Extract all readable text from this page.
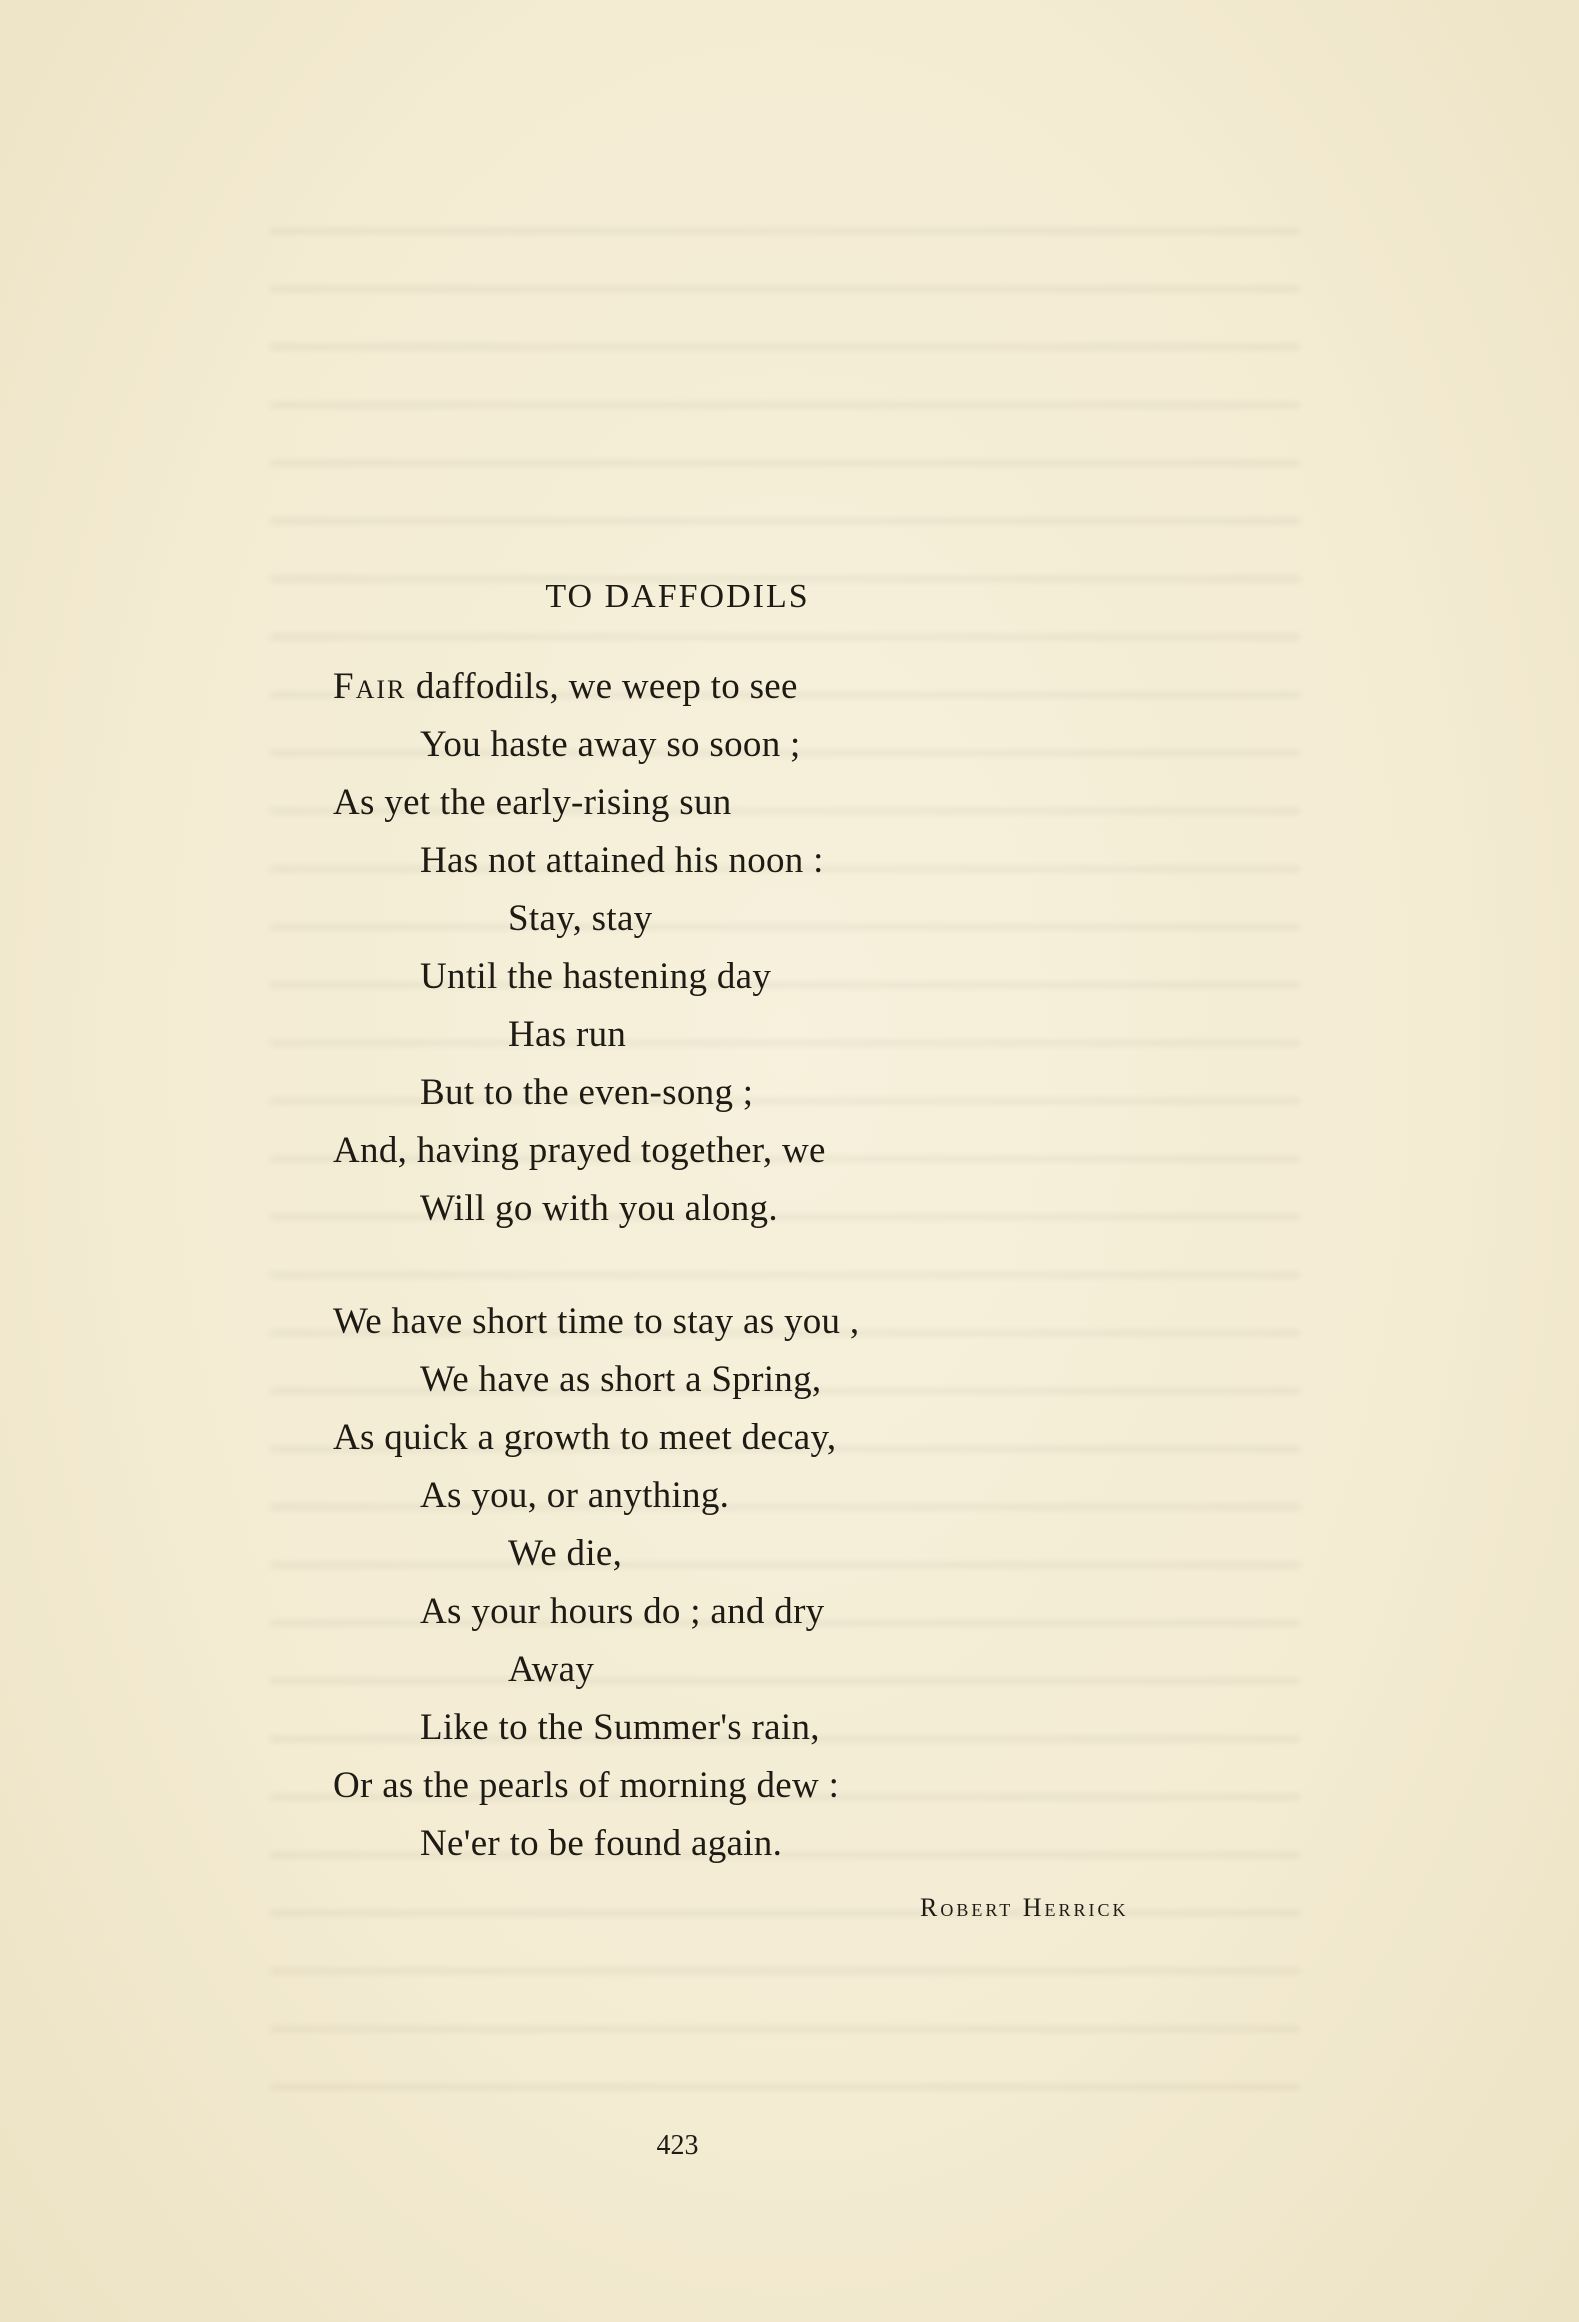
TO DAFFODILS
Fair daffodils, we weep to see
You haste away so soon ;
As yet the early-rising sun
Has not attained his noon :
Stay, stay
Until the hastening day
Has run
But to the even-song ;
And, having prayed together, we
Will go with you along.
We have short time to stay as you ,
We have as short a Spring,
As quick a growth to meet decay,
As you, or anything.
We die,
As your hours do ; and dry
Away
Like to the Summer's rain,
Or as the pearls of morning dew :
Ne'er to be found again.
Robert Herrick
423
